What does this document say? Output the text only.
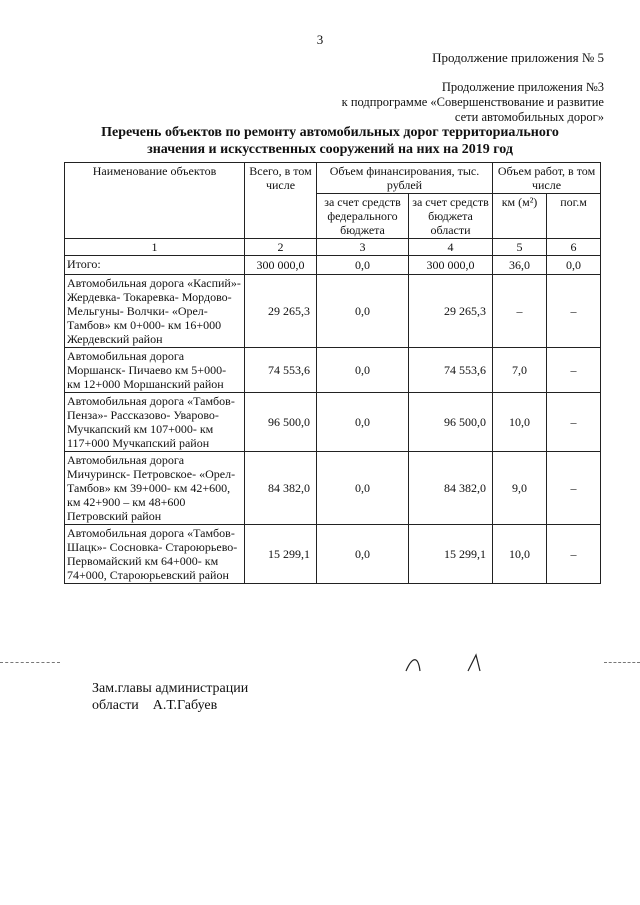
3
Продолжение приложения № 5
Продолжение приложения №3
к подпрограмме «Совершенствование и развитие
сети автомобильных дорог»
Перечень объектов по ремонту автомобильных дорог территориального
значения и искусственных сооружений на них на 2019 год
Наименование объектов	Всего, в том числе	Объем финансирования, тыс. рублей		Объем работ, в том числе	
		за счет средств федерального бюджета	за счет средств бюджета области	км (м²)	пог.м
1	2	3	4	5	6
Итого:	300 000,0	0,0	300 000,0	36,0	0,0
Автомобильная дорога «Каспий»- Жердевка- Токаревка- Мордово- Мельгуны- Волчки- «Орел-Тамбов» км 0+000- км 16+000 Жердевский район	29 265,3	0,0	29 265,3	–	–
Автомобильная дорога Моршанск- Пичаево км 5+000- км 12+000 Моршанский район	74 553,6	0,0	74 553,6	7,0	–
Автомобильная дорога «Тамбов- Пенза»- Рассказово- Уварово- Мучкапский км 107+000- км 117+000 Мучкапский район	96 500,0	0,0	96 500,0	10,0	–
Автомобильная дорога Мичуринск- Петровское- «Орел- Тамбов» км 39+000- км 42+600, км 42+900 – км 48+600 Петровский район	84 382,0	0,0	84 382,0	9,0	–
Автомобильная дорога «Тамбов- Шацк»- Сосновка- Староюрьево-Первомайский км 64+000- км 74+000, Староюрьевский район	15 299,1	0,0	15 299,1	10,0	–
Зам.главы администрации
области    А.Т.Габуев
